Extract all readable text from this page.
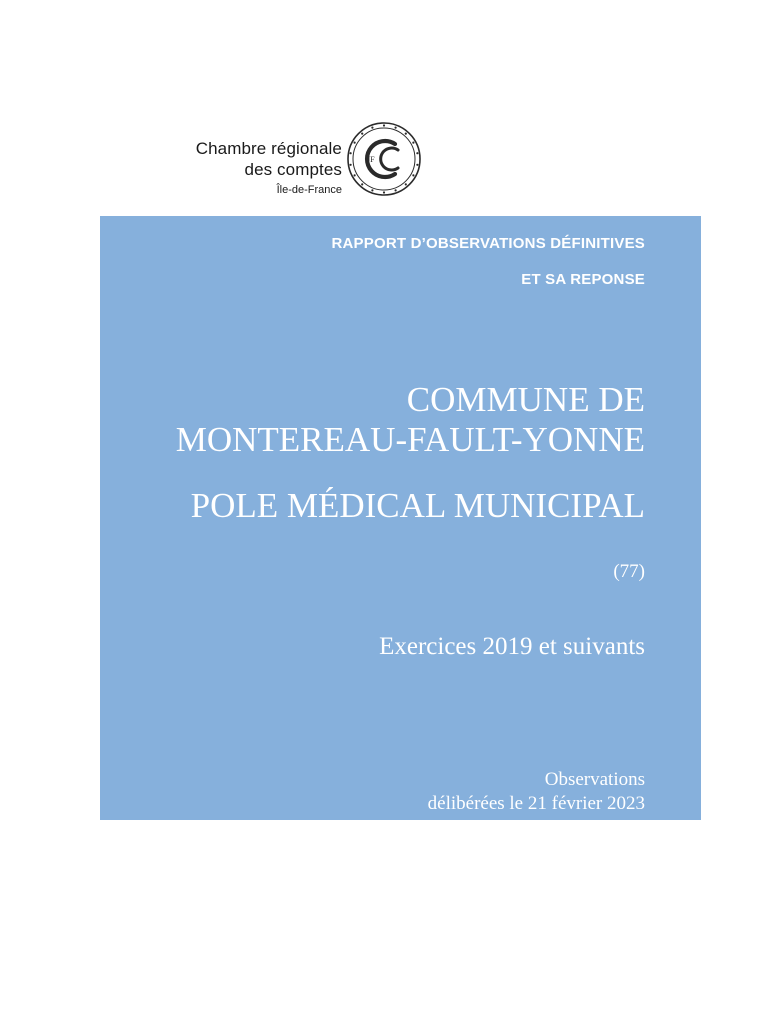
Chambre régionale
des comptes
Île-de-France
JF
RAPPORT D’OBSERVATIONS DÉFINITIVES
ET SA REPONSE
COMMUNE DE
MONTEREAU-FAULT-YONNE
POLE MÉDICAL MUNICIPAL
(77)
Exercices 2019 et suivants
Observations
délibérées le 21 février 2023
